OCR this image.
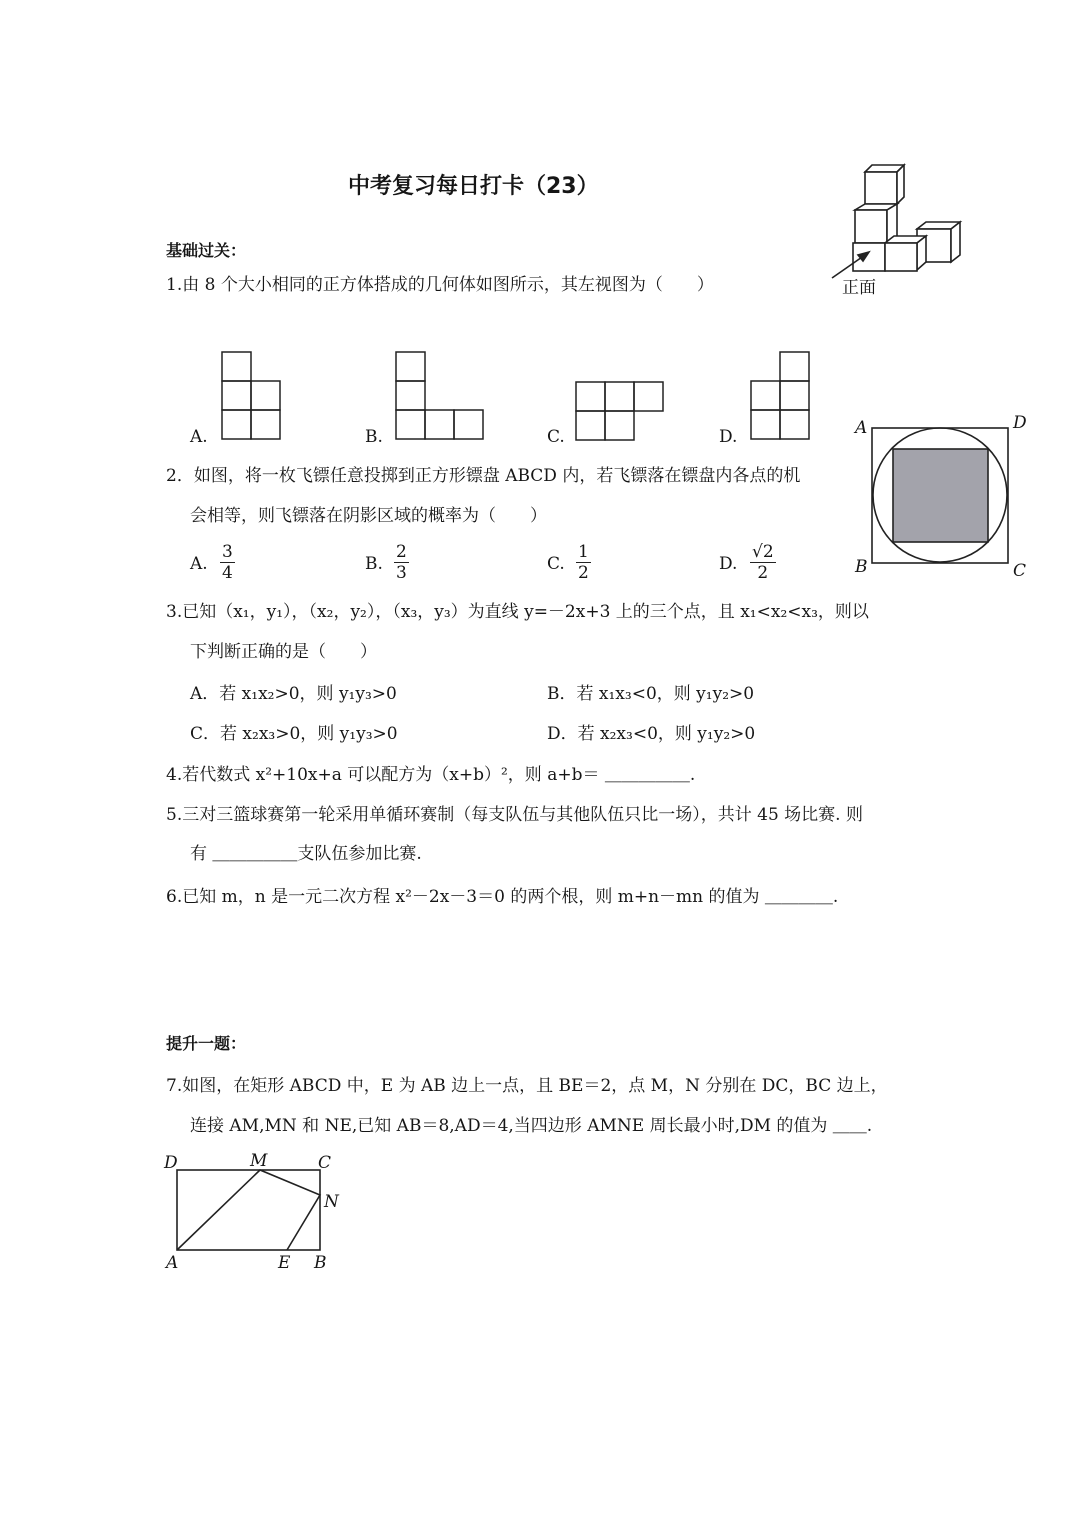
中考复习每日打卡（23）
基础过关：
1.由 8 个大小相同的正方体搭成的几何体如图所示，其左视图为（　　）	正面
A.	B.	C.	D.
2．如图，将一枚飞镖任意投掷到正方形镖盘 ABCD 内，若飞镖落在镖盘内各点的机
会相等，则飞镖落在阴影区域的概率为（　　）
A. $\frac{3}{4}$	B. $\frac{2}{3}$	C. $\frac{1}{2}$	D. $\frac{√2}{2}$
A	D
B	C
3.已知（x₁，y₁），（x₂，y₂），（x₃，y₃）为直线 y=－2x+3 上的三个点，且 x₁<x₂<x₃，则以
下判断正确的是（　　）
A．若 x₁x₂>0，则 y₁y₃>0	B．若 x₁x₃<0，则 y₁y₂>0
C．若 x₂x₃>0，则 y₁y₃>0	D．若 x₂x₃<0，则 y₁y₂>0
4.若代数式 x²+10x+a 可以配方为（x+b）²，则 a+b＝ ＿＿＿＿＿.
5.三对三篮球赛第一轮采用单循环赛制（每支队伍与其他队伍只比一场），共计 45 场比赛. 则
有 ＿＿＿＿＿支队伍参加比赛.
6.已知 m，n 是一元二次方程 x²－2x－3＝0 的两个根，则 m+n－mn 的值为 ＿＿＿＿.
提升一题：
7.如图，在矩形 ABCD 中，E 为 AB 边上一点，且 BE＝2，点 M，N 分别在 DC，BC 边上，
连接 AM,MN 和 NE,已知 AB＝8,AD＝4,当四边形 AMNE 周长最小时,DM 的值为 ＿＿.
D	M	C
N
A	E B
